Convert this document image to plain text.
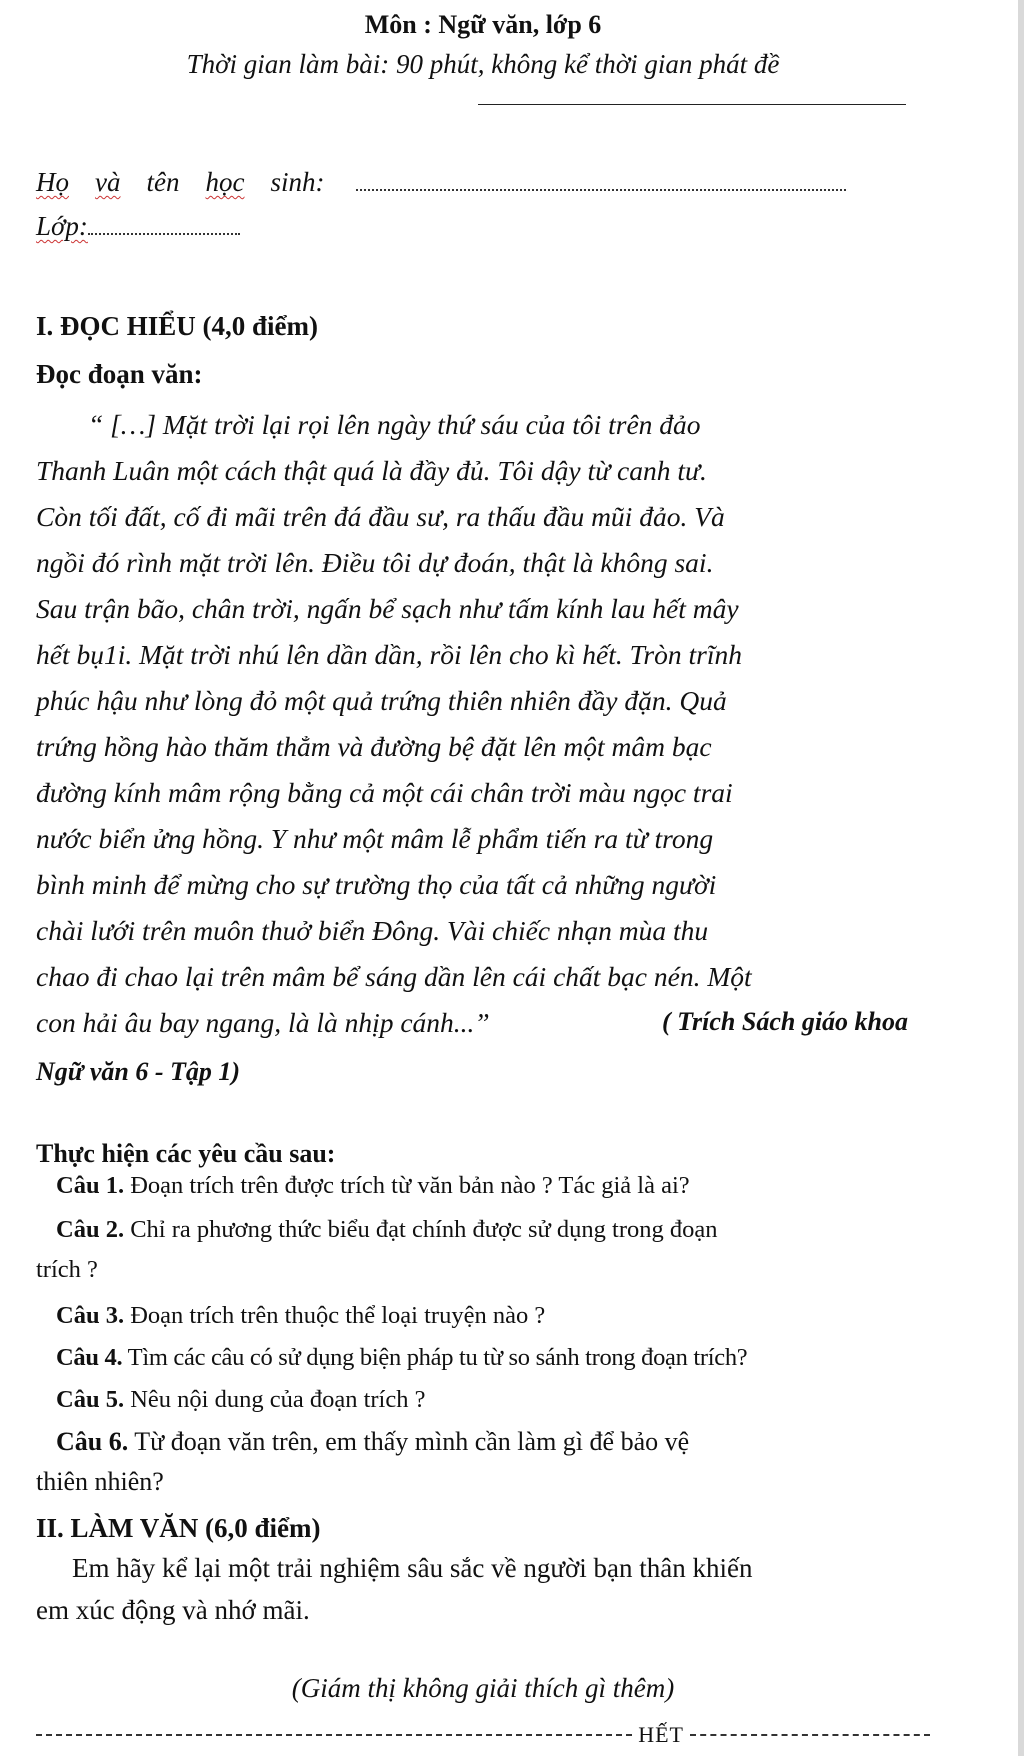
Môn : Ngữ văn, lớp 6
Thời gian làm bài: 90 phút, không kể thời gian phát đề
Họ và tên học sinh:
Lớp:
I. ĐỌC HIỂU (4,0 điểm)
Đọc đoạn văn:
“ […] Mặt trời lại rọi lên ngày thứ sáu của tôi trên đảo
Thanh Luân một cách thật quá là đầy đủ. Tôi dậy từ canh tư.
Còn tối đất, cố đi mãi trên đá đầu sư, ra thấu đầu mũi đảo. Và
ngồi đó rình mặt trời lên. Điều tôi dự đoán, thật là không sai.
Sau trận bão, chân trời, ngấn bể sạch như tấm kính lau hết mây
hết bụ1i. Mặt trời nhú lên dần dần, rồi lên cho kì hết. Tròn trĩnh
phúc hậu như lòng đỏ một quả trứng thiên nhiên đầy đặn. Quả
trứng hồng hào thăm thẳm và đường bệ đặt lên một mâm bạc
đường kính mâm rộng bằng cả một cái chân trời màu ngọc trai
nước biển ửng hồng. Y như một mâm lễ phẩm tiến ra từ trong
bình minh để mừng cho sự trường thọ của tất cả những người
chài lưới trên muôn thuở biển Đông. Vài chiếc nhạn mùa thu
chao đi chao lại trên mâm bể sáng dần lên cái chất bạc nén. Một
con hải âu bay ngang, là là nhịp cánh...”	( Trích Sách giáo khoa
Ngữ văn 6 - Tập 1)
Thực hiện các yêu cầu sau:
Câu 1. Đoạn trích trên được trích từ văn bản nào ? Tác giả là ai?
Câu 2. Chỉ ra phương thức biểu đạt chính được sử dụng trong đoạn
trích ?
Câu 3. Đoạn trích trên thuộc thể loại truyện nào ?
Câu 4. Tìm các câu có sử dụng biện pháp tu từ so sánh trong đoạn trích?
Câu 5. Nêu nội dung của đoạn trích ?
Câu 6. Từ đoạn văn trên, em thấy mình cần làm gì để bảo vệ
thiên nhiên?
II. LÀM VĂN (6,0 điểm)
Em hãy kể lại một trải nghiệm sâu sắc về người bạn thân khiến
em xúc động và nhớ mãi.
(Giám thị không giải thích gì thêm)
HẾT
